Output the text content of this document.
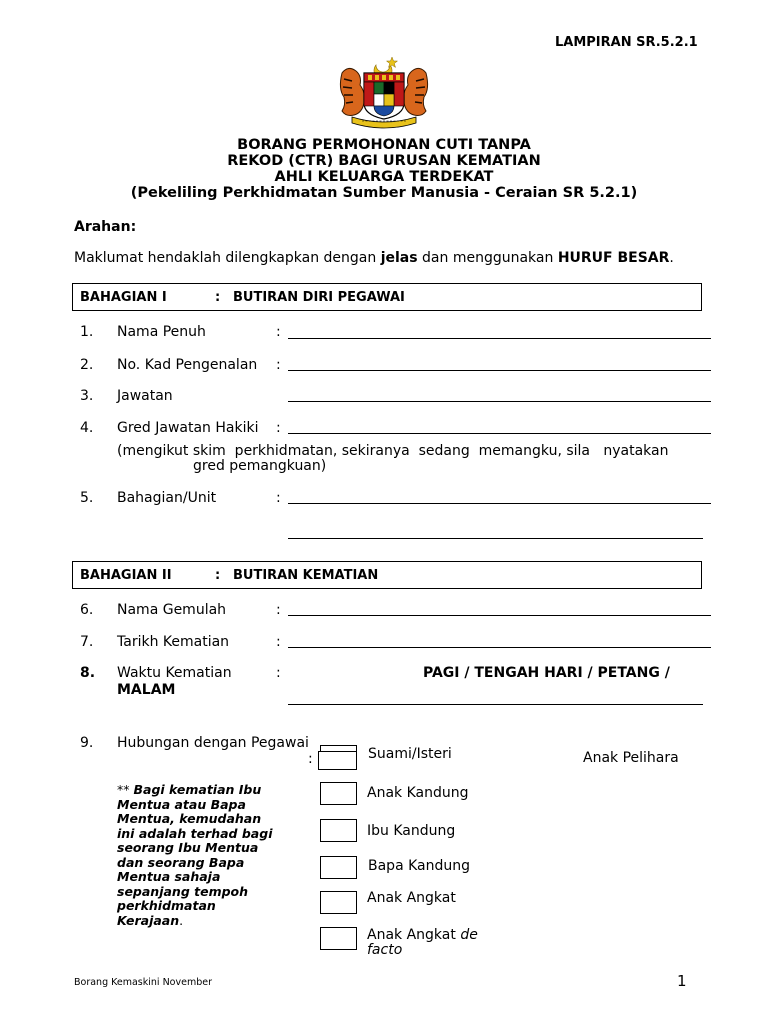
LAMPIRAN SR.5.2.1
BORANG PERMOHONAN CUTI TANPA
REKOD (CTR) BAGI URUSAN KEMATIAN
AHLI KELUARGA TERDEKAT
(Pekeliling Perkhidmatan Sumber Manusia - Ceraian SR 5.2.1)
Arahan:
Maklumat hendaklah dilengkapkan dengan jelas dan menggunakan HURUF BESAR.
BAHAGIAN I	: BUTIRAN DIRI PEGAWAI
1. Nama Penuh	:
2. No. Kad Pengenalan :
3. Jawatan
4. Gred Jawatan Hakiki :
(mengikut skim  perkhidmatan, sekiranya  sedang  memangku, sila   nyatakan
gred pemangkuan)
5. Bahagian/Unit	:
BAHAGIAN II	: BUTIRAN KEMATIAN
6. Nama Gemulah	:
7. Tarikh Kematian	:
8. Waktu Kematian	:	PAGI / TENGAH HARI / PETANG /
MALAM
9. Hubungan dengan Pegawai
:	Suami/Isteri	Anak Pelihara
Anak Kandung
Ibu Kandung
Bapa Kandung
Anak Angkat
Anak Angkat de
facto
** Bagi kematian Ibu
Mentua atau Bapa
Mentua, kemudahan
ini adalah terhad bagi
seorang Ibu Mentua
dan seorang Bapa
Mentua sahaja
sepanjang tempoh
perkhidmatan
Kerajaan.
Borang Kemaskini November	1
